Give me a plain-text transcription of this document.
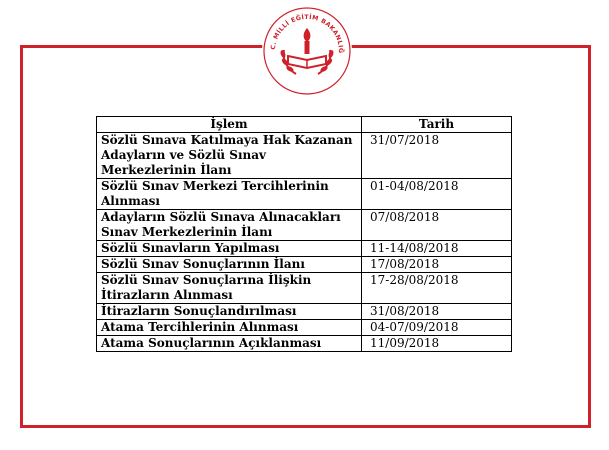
C. MİLLİ EĞİTİM BAKANLIĞ
İşlem	Tarih
Sözlü Sınava Katılmaya Hak Kazanan Adayların ve Sözlü Sınav Merkezlerinin İlanı	31/07/2018
Sözlü Sınav Merkezi Tercihlerinin Alınması	01-04/08/2018
Adayların Sözlü Sınava Alınacakları Sınav Merkezlerinin İlanı	07/08/2018
Sözlü Sınavların Yapılması	11-14/08/2018
Sözlü Sınav Sonuçlarının İlanı	17/08/2018
Sözlü Sınav Sonuçlarına İlişkin İtirazların Alınması	17-28/08/2018
İtirazların Sonuçlandırılması	31/08/2018
Atama Tercihlerinin Alınması	04-07/09/2018
Atama Sonuçlarının Açıklanması	11/09/2018
